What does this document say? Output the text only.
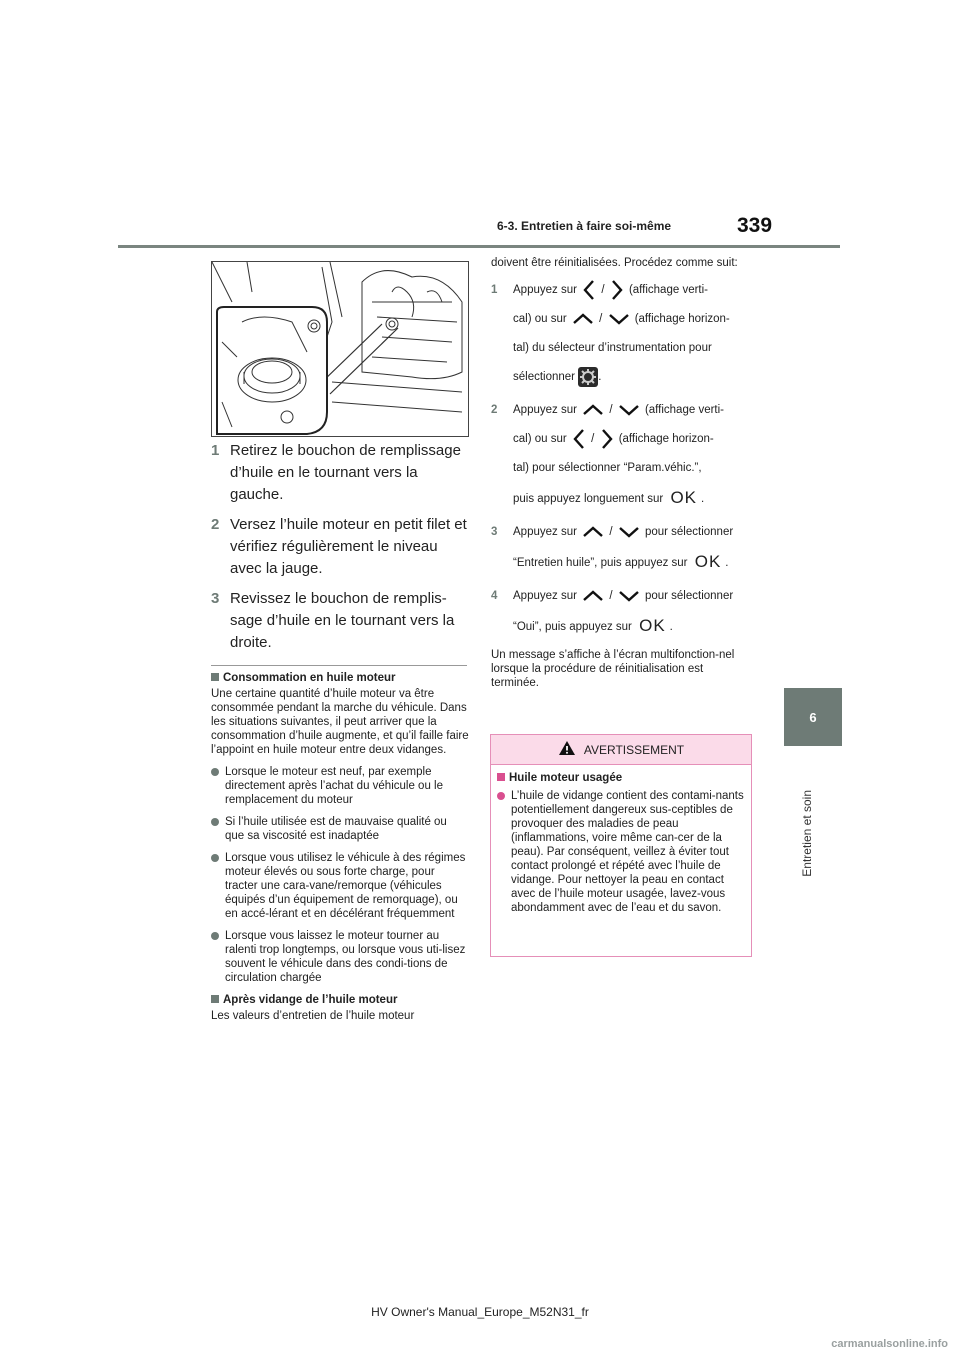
6-3. Entretien à faire soi-même	339
6
Entretien et soin
1 Retirez le bouchon de remplissage d’huile en le tournant vers la gauche.
2 Versez l’huile moteur en petit filet et vérifiez régulièrement le niveau avec la jauge.
3 Revissez le bouchon de remplis-sage d’huile en le tournant vers la droite.

Consommation en huile moteur

Une certaine quantité d’huile moteur va être consommée pendant la marche du véhicule. Dans les situations suivantes, il peut arriver que la consommation d’huile augmente, et qu’il faille faire l’appoint en huile moteur entre deux vidanges.

Lorsque le moteur est neuf, par exemple directement après l’achat du véhicule ou le remplacement du moteur
Si l’huile utilisée est de mauvaise qualité ou que sa viscosité est inadaptée
Lorsque vous utilisez le véhicule à des régimes moteur élevés ou sous forte charge, pour tracter une cara-vane/remorque (véhicules équipés d’un équipement de remorquage), ou en accé-lérant et en décélérant fréquemment
Lorsque vous laissez le moteur tourner au ralenti trop longtemps, ou lorsque vous uti-lisez souvent le véhicule dans des condi-tions de circulation chargée

Après vidange de l’huile moteur

Les valeurs d’entretien de l’huile moteur

doivent être réinitialisées. Procédez comme suit:

1 Appuyez sur / (affichage verti-
cal) ou sur	/	(affichage horizon-
tal) du sélecteur d’instrumentation pour
sélectionner .
2 Appuyez sur	/	(affichage verti-
cal) ou sur / (affichage horizon-
tal) pour sélectionner “Param.véhic.”,
puis appuyez longuement sur OK .
3 Appuyez sur	/	pour sélectionner
“Entretien huile”, puis appuyez sur OK .
4 Appuyez sur	/	pour sélectionner
“Oui”, puis appuyez sur OK .

Un message s’affiche à l’écran multifonction-nel lorsque la procédure de réinitialisation est terminée.

AVERTISSEMENT

Huile moteur usagée

L’huile de vidange contient des contami-nants potentiellement dangereux sus-ceptibles de provoquer des maladies de peau (inflammations, voire même can-cer de la peau). Par conséquent, veillez à éviter tout contact prolongé et répété avec l’huile de vidange. Pour nettoyer la peau en contact avec de l’huile moteur usagée, lavez-vous abondamment avec de l’eau et du savon.
HV Owner's Manual_Europe_M52N31_fr
carmanualsonline.info
